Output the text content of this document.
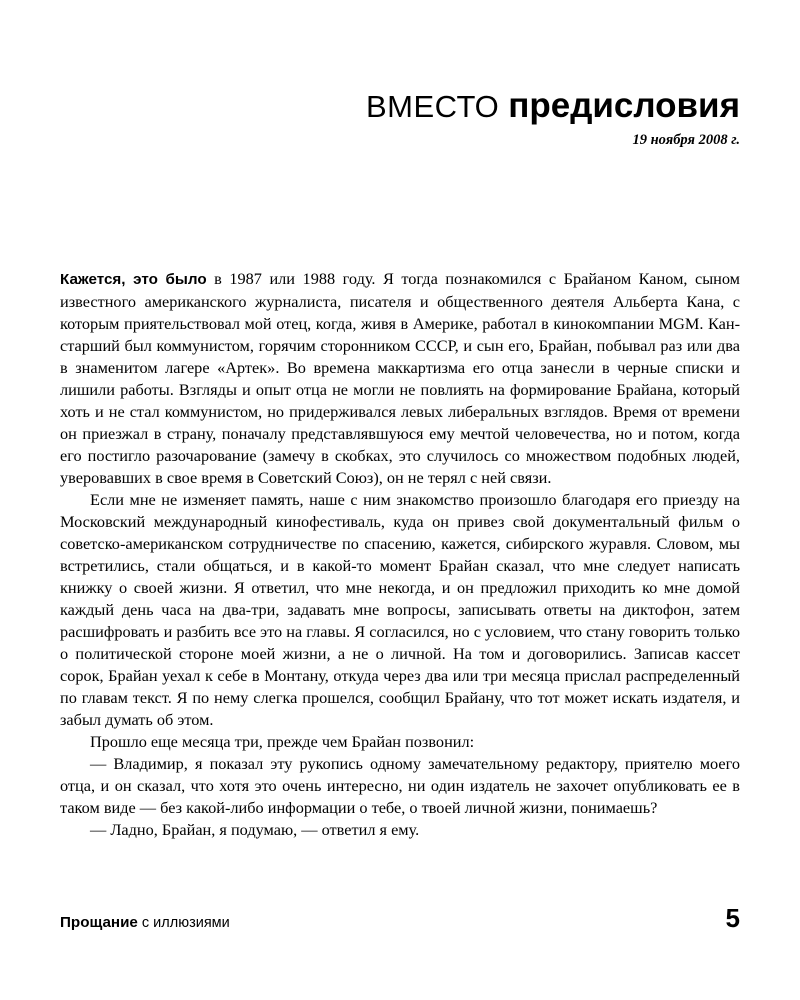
ВМЕСТО предисловия
19 ноября 2008 г.

Кажется, это было в 1987 или 1988 году. Я тогда познакомился с Брайаном Каном, сыном известного американского журналиста, писателя и общественного деятеля Альберта Кана, с которым приятельствовал мой отец, когда, живя в Америке, работал в кинокомпании MGM. Кан-старший был коммунистом, горячим сторонником СССР, и сын его, Брайан, побывал раз или два в знаменитом лагере «Артек». Во времена маккартизма его отца занесли в черные списки и лишили работы. Взгляды и опыт отца не могли не повлиять на формирование Брайана, который хоть и не стал коммунистом, но придерживался левых либеральных взглядов. Время от времени он приезжал в страну, поначалу представлявшуюся ему мечтой человечества, но и потом, когда его постигло разочарование (замечу в скобках, это случилось со множеством подобных людей, уверовавших в свое время в Советский Союз), он не терял с ней связи.

Если мне не изменяет память, наше с ним знакомство произошло благодаря его приезду на Московский международный кинофестиваль, куда он привез свой документальный фильм о советско-американском сотрудничестве по спасению, кажется, сибирского журавля. Словом, мы встретились, стали общаться, и в какой-то момент Брайан сказал, что мне следует написать книжку о своей жизни. Я ответил, что мне некогда, и он предложил приходить ко мне домой каждый день часа на два-три, задавать мне вопросы, записывать ответы на диктофон, затем расшифровать и разбить все это на главы. Я согласился, но с условием, что стану говорить только о политической стороне моей жизни, а не о личной. На том и договорились. Записав кассет сорок, Брайан уехал к себе в Монтану, откуда через два или три месяца прислал распределенный по главам текст. Я по нему слегка прошелся, сообщил Брайану, что тот может искать издателя, и забыл думать об этом.

Прошло еще месяца три, прежде чем Брайан позвонил:

— Владимир, я показал эту рукопись одному замечательному редактору, приятелю моего отца, и он сказал, что хотя это очень интересно, ни один издатель не захочет опубликовать ее в таком виде — без какой-либо информации о тебе, о твоей личной жизни, понимаешь?

— Ладно, Брайан, я подумаю, — ответил я ему.

Прощание с иллюзиями	5
